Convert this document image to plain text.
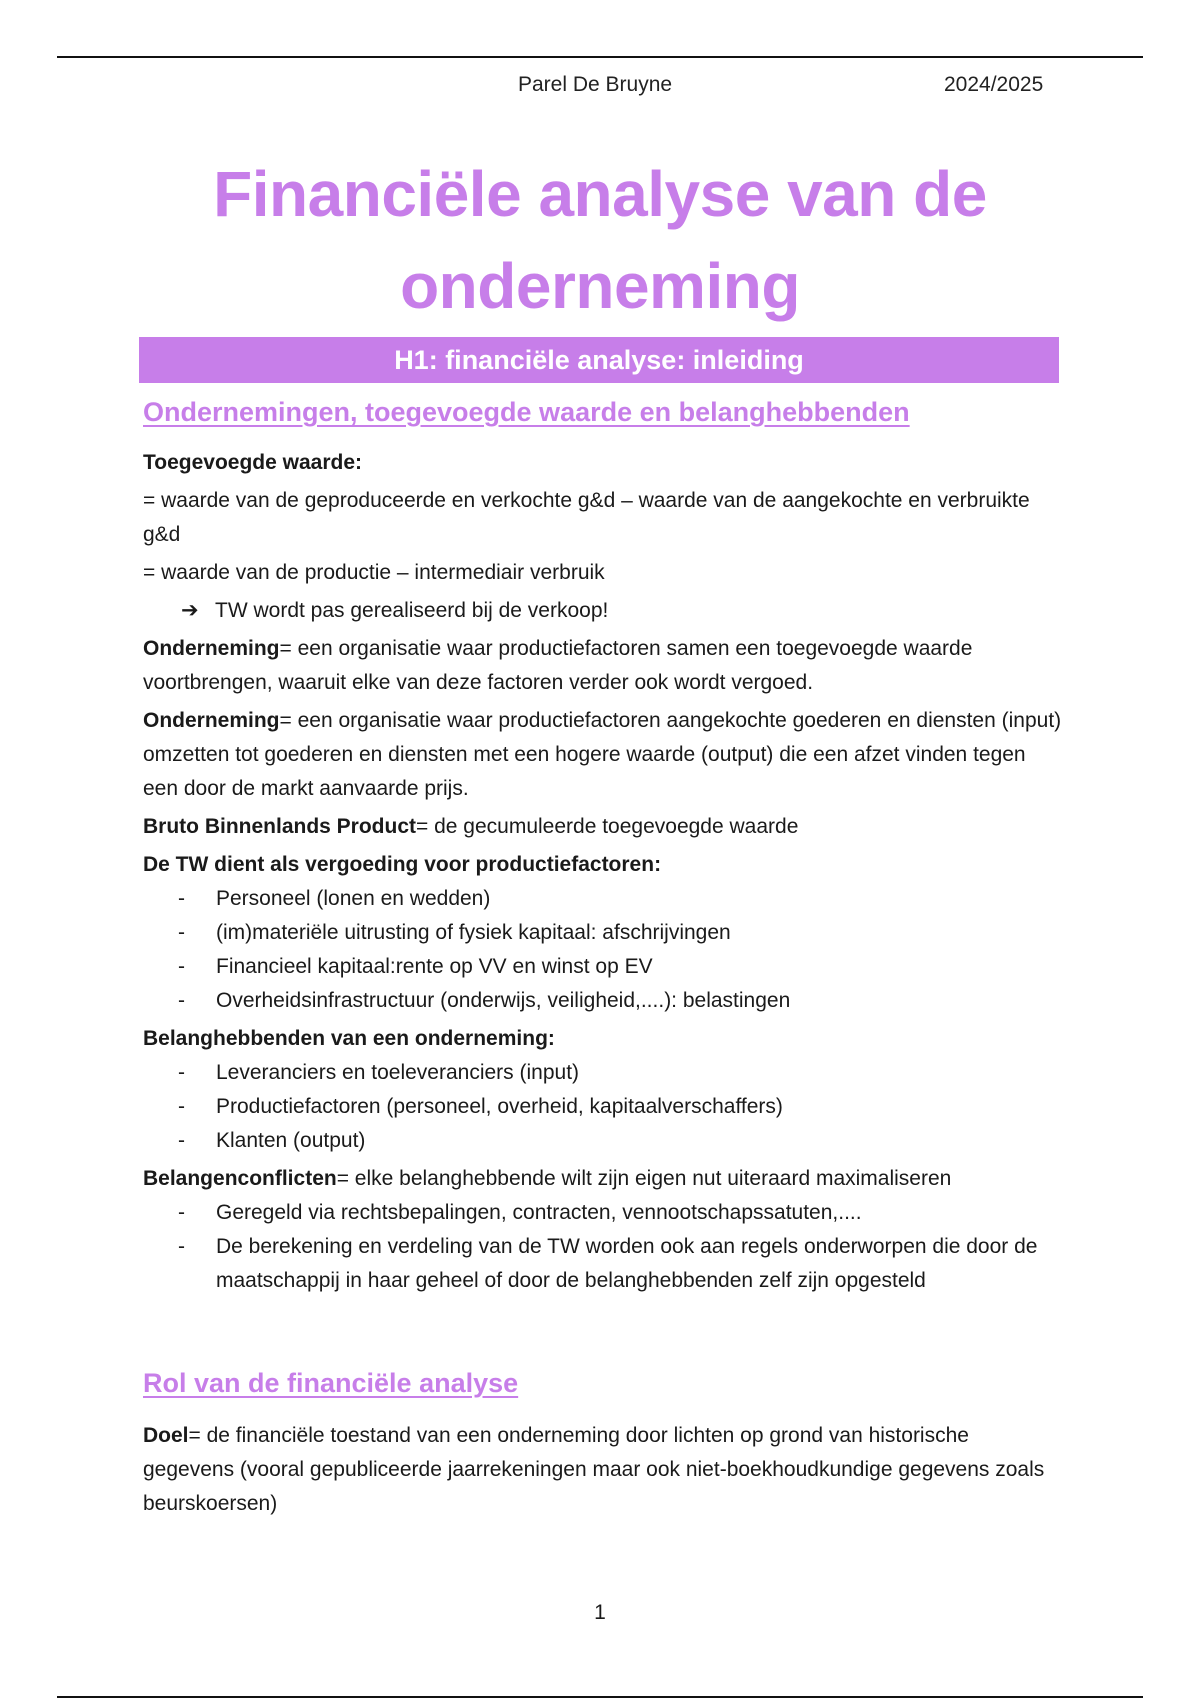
Parel De Bruyne	2024/2025
Financiële analyse van de
onderneming
H1: financiële analyse: inleiding
Ondernemingen, toegevoegde waarde en belanghebbenden

Toegevoegde waarde:

= waarde van de geproduceerde en verkochte g&d – waarde van de aangekochte en verbruikte g&d

= waarde van de productie – intermediair verbruik

➔ TW wordt pas gerealiseerd bij de verkoop!

Onderneming= een organisatie waar productiefactoren samen een toegevoegde waarde voortbrengen, waaruit elke van deze factoren verder ook wordt vergoed.

Onderneming= een organisatie waar productiefactoren aangekochte goederen en diensten (input) omzetten tot goederen en diensten met een hogere waarde (output) die een afzet vinden tegen een door de markt aanvaarde prijs.

Bruto Binnenlands Product= de gecumuleerde toegevoegde waarde

De TW dient als vergoeding voor productiefactoren:

- Personeel (lonen en wedden)
- (im)materiële uitrusting of fysiek kapitaal: afschrijvingen
- Financieel kapitaal:rente op VV en winst op EV
- Overheidsinfrastructuur (onderwijs, veiligheid,....): belastingen

Belanghebbenden van een onderneming:

- Leveranciers en toeleveranciers (input)
- Productiefactoren (personeel, overheid, kapitaalverschaffers)
- Klanten (output)

Belangenconflicten= elke belanghebbende wilt zijn eigen nut uiteraard maximaliseren

- Geregeld via rechtsbepalingen, contracten, vennootschapssatuten,....
- De berekening en verdeling van de TW worden ook aan regels onderworpen die door de maatschappij in haar geheel of door de belanghebbenden zelf zijn opgesteld
Rol van de financiële analyse

Doel= de financiële toestand van een onderneming door lichten op grond van historische gegevens (vooral gepubliceerde jaarrekeningen maar ook niet-boekhoudkundige gegevens zoals beurskoersen)

1
